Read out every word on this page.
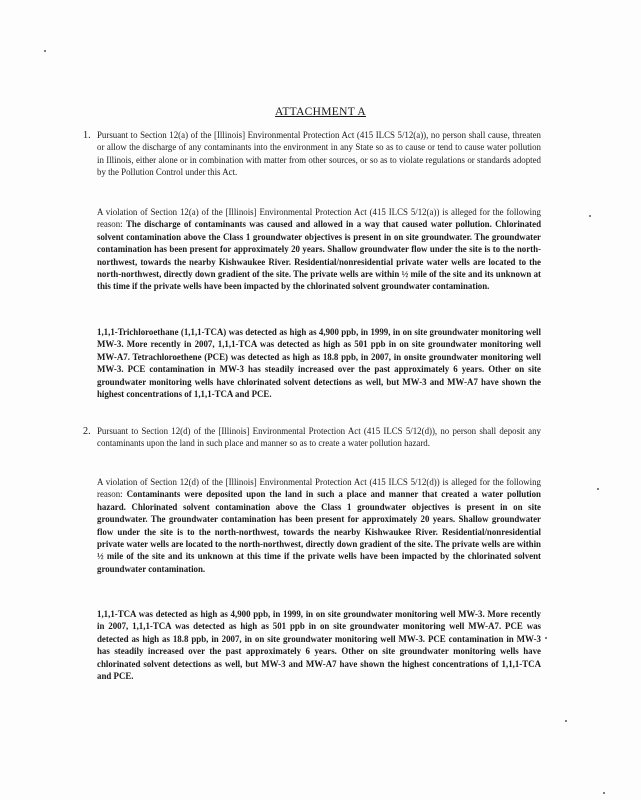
ATTACHMENT A
1. Pursuant to Section 12(a) of the [Illinois] Environmental Protection Act (415 ILCS 5/12(a)), no person shall cause, threaten or allow the discharge of any contaminants into the environment in any State so as to cause or tend to cause water pollution in Illinois, either alone or in combination with matter from other sources, or so as to violate regulations or standards adopted by the Pollution Control under this Act.

A violation of Section 12(a) of the [Illinois] Environmental Protection Act (415 ILCS 5/12(a)) is alleged for the following reason: The discharge of contaminants was caused and allowed in a way that caused water pollution. Chlorinated solvent contamination above the Class 1 groundwater objectives is present in on site groundwater. The groundwater contamination has been present for approximately 20 years. Shallow groundwater flow under the site is to the north-northwest, towards the nearby Kishwaukee River. Residential/nonresidential private water wells are located to the north-northwest, directly down gradient of the site. The private wells are within ½ mile of the site and its unknown at this time if the private wells have been impacted by the chlorinated solvent groundwater contamination.

1,1,1-Trichloroethane (1,1,1-TCA) was detected as high as 4,900 ppb, in 1999, in on site groundwater monitoring well MW-3. More recently in 2007, 1,1,1-TCA was detected as high as 501 ppb in on site groundwater monitoring well MW-A7. Tetrachloroethene (PCE) was detected as high as 18.8 ppb, in 2007, in onsite groundwater monitoring well MW-3. PCE contamination in MW-3 has steadily increased over the past approximately 6 years. Other on site groundwater monitoring wells have chlorinated solvent detections as well, but MW-3 and MW-A7 have shown the highest concentrations of 1,1,1-TCA and PCE.

2. Pursuant to Section 12(d) of the [Illinois] Environmental Protection Act (415 ILCS 5/12(d)), no person shall deposit any contaminants upon the land in such place and manner so as to create a water pollution hazard.

A violation of Section 12(d) of the [Illinois] Environmental Protection Act (415 ILCS 5/12(d)) is alleged for the following reason: Contaminants were deposited upon the land in such a place and manner that created a water pollution hazard. Chlorinated solvent contamination above the Class 1 groundwater objectives is present in on site groundwater. The groundwater contamination has been present for approximately 20 years. Shallow groundwater flow under the site is to the north-northwest, towards the nearby Kishwaukee River. Residential/nonresidential private water wells are located to the north-northwest, directly down gradient of the site. The private wells are within ½ mile of the site and its unknown at this time if the private wells have been impacted by the chlorinated solvent groundwater contamination.

1,1,1-TCA was detected as high as 4,900 ppb, in 1999, in on site groundwater monitoring well MW-3. More recently in 2007, 1,1,1-TCA was detected as high as 501 ppb in on site groundwater monitoring well MW-A7. PCE was detected as high as 18.8 ppb, in 2007, in on site groundwater monitoring well MW-3. PCE contamination in MW-3 has steadily increased over the past approximately 6 years. Other on site groundwater monitoring wells have chlorinated solvent detections as well, but MW-3 and MW-A7 have shown the highest concentrations of 1,1,1-TCA and PCE.
